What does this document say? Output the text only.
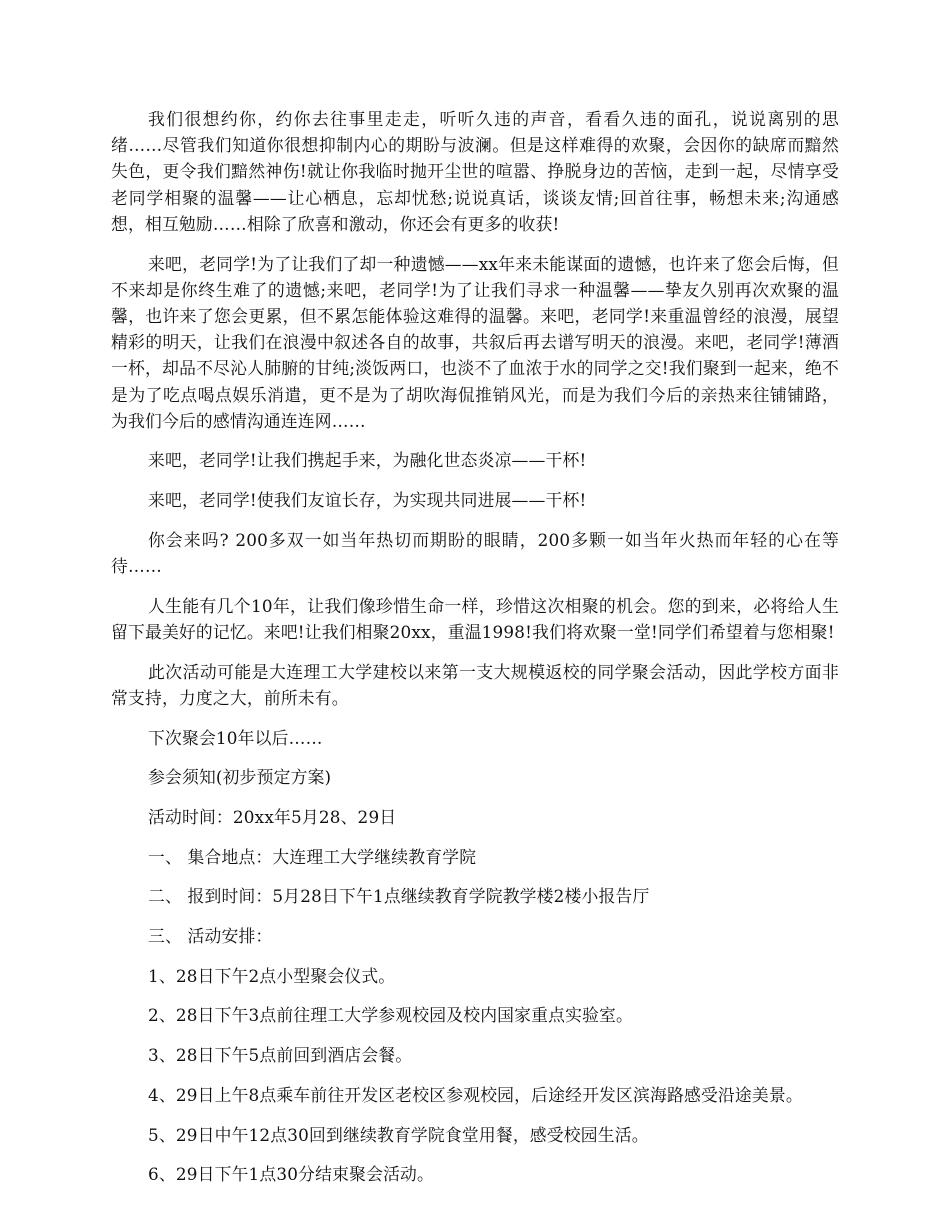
我们很想约你，约你去往事里走走，听听久违的声音，看看久违的面孔，说说离别的思绪……尽管我们知道你很想抑制内心的期盼与波澜。但是这样难得的欢聚，会因你的缺席而黯然失色，更令我们黯然神伤!就让你我临时抛开尘世的喧嚣、挣脱身边的苦恼，走到一起，尽情享受老同学相聚的温馨——让心栖息，忘却忧愁;说说真话，谈谈友情;回首往事，畅想未来;沟通感想，相互勉励……相除了欣喜和激动，你还会有更多的收获!

来吧，老同学!为了让我们了却一种遗憾——xx年来未能谋面的遗憾，也许来了您会后悔，但不来却是你终生难了的遗憾;来吧，老同学!为了让我们寻求一种温馨——挚友久别再次欢聚的温馨，也许来了您会更累，但不累怎能体验这难得的温馨。来吧，老同学!来重温曾经的浪漫，展望精彩的明天，让我们在浪漫中叙述各自的故事，共叙后再去谱写明天的浪漫。来吧，老同学!薄酒一杯，却品不尽沁人肺腑的甘纯;淡饭两口，也淡不了血浓于水的同学之交!我们聚到一起来，绝不是为了吃点喝点娱乐消遣，更不是为了胡吹海侃推销风光，而是为我们今后的亲热来往铺铺路，为我们今后的感情沟通连连网……

来吧，老同学!让我们携起手来，为融化世态炎凉——干杯!

来吧，老同学!使我们友谊长存，为实现共同进展——干杯!

你会来吗? 200多双一如当年热切而期盼的眼睛，200多颗一如当年火热而年轻的心在等待……

人生能有几个10年，让我们像珍惜生命一样，珍惜这次相聚的机会。您的到来，必将给人生留下最美好的记忆。来吧!让我们相聚20xx，重温1998!我们将欢聚一堂!同学们希望着与您相聚!

此次活动可能是大连理工大学建校以来第一支大规模返校的同学聚会活动，因此学校方面非常支持，力度之大，前所未有。

下次聚会10年以后……

参会须知(初步预定方案)

活动时间：20xx年5月28、29日

一、 集合地点：大连理工大学继续教育学院

二、 报到时间：5月28日下午1点继续教育学院教学楼2楼小报告厅

三、 活动安排：

1、28日下午2点小型聚会仪式。

2、28日下午3点前往理工大学参观校园及校内国家重点实验室。

3、28日下午5点前回到酒店会餐。

4、29日上午8点乘车前往开发区老校区参观校园，后途经开发区滨海路感受沿途美景。

5、29日中午12点30回到继续教育学院食堂用餐，感受校园生活。

6、29日下午1点30分结束聚会活动。
